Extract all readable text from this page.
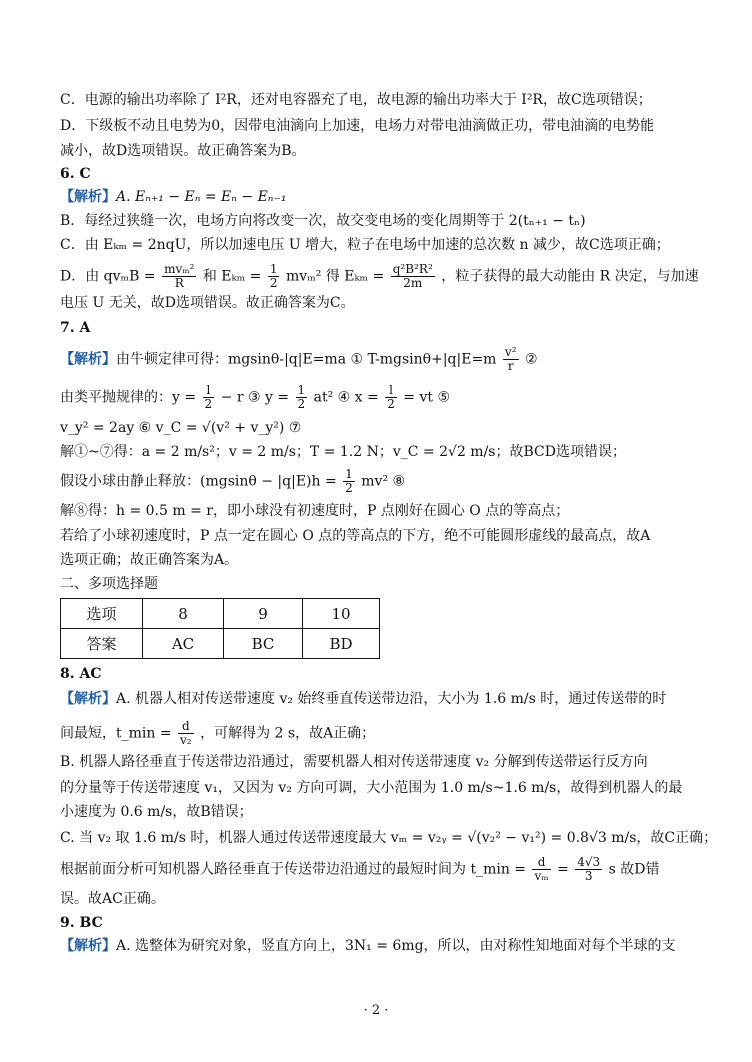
C．电源的输出功率除了 I²R，还对电容器充了电，故电源的输出功率大于 I²R，故C选项错误；
D．下级板不动且电势为0，因带电油滴向上加速，电场力对带电油滴做正功，带电油滴的电势能
减小，故D选项错误。故正确答案为B。
6. C
【解析】A. Eₙ₊₁ − Eₙ = Eₙ − Eₙ₋₁
B．每经过狭缝一次，电场方向将改变一次，故交变电场的变化周期等于 2(tₙ₊₁ − tₙ)
C．由 Eₖₘ = 2nqU，所以加速电压 U 增大，粒子在电场中加速的总次数 n 减少，故C选项正确；
D．由 $qv_mB = \frac{\text{mvₘ²}}{R}$ 和 $E_{km} = \frac{1}{2} mv_m^2$ 得 $E_{km} = \frac{\text{q²B²R²}}{2m}$ ，粒子获得的最大动能由 R 决定，与加速
电压 U 无关，故D选项错误。故正确答案为C。
7. A
【解析】由牛顿定律可得：mgsinθ-|q|E=ma ① $T-mgsin\theta+|q|E=m \frac{\text{v²}}{r}$ ②
由类平抛规律的：$y = \frac{l}{2} - r$ ③ $y = \frac{1}{2} at^2$ ④ $x = \frac{l}{2}$ = vt ⑤
v_y² = 2ay ⑥ v_C = √(v² + v_y²) ⑦
解①~⑦得：a = 2 m/s²；v = 2 m/s；T = 1.2 N；v_C = 2√2 m/s；故BCD选项错误；
假设小球由静止释放：$(mgsin\theta - |q|E)h = \frac{1}{2} mv^2$ ⑧
解⑧得：h = 0.5 m = r，即小球没有初速度时，P 点刚好在圆心 O 点的等高点；
若给了小球初速度时，P 点一定在圆心 O 点的等高点的下方，绝不可能圆形虚线的最高点，故A
选项正确；故正确答案为A。
二、多项选择题
选项	8	9	10
答案	AC	BC	BD
8. AC
【解析】A. 机器人相对传送带速度 v₂ 始终垂直传送带边沿，大小为 1.6 m/s 时，通过传送带的时
间最短，t_min = $\frac{d}{\text{v₂}}$ ，可解得为 2 s，故A正确；
B. 机器人路径垂直于传送带边沿通过，需要机器人相对传送带速度 v₂ 分解到传送带运行反方向
的分量等于传送带速度 v₁，又因为 v₂ 方向可调，大小范围为 1.0 m/s~1.6 m/s，故得到机器人的最
小速度为 0.6 m/s，故B错误；
C. 当 v₂ 取 1.6 m/s 时，机器人通过传送带速度最大 vₘ = v₂ᵧ = √(v₂² − v₁²) = 0.8√3 m/s，故C正确；
根据前面分析可知机器人路径垂直于传送带边沿通过的最短时间为 t_min = $\frac{d}{\text{vₘ}} = \frac{4√3}{3}$ s 故D错
误。故AC正确。
9. BC
【解析】A. 选整体为研究对象，竖直方向上，3N₁ = 6mg，所以，由对称性知地面对每个半球的支
· 2 ·
